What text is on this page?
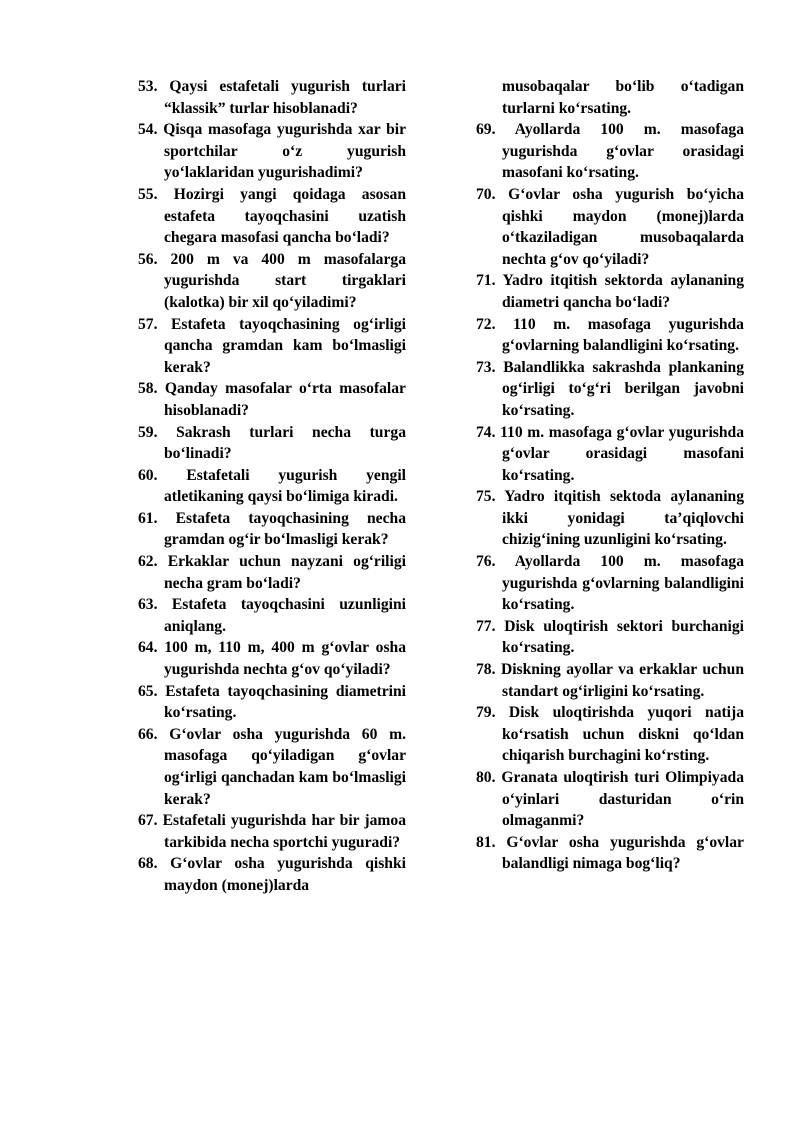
53. Qaysi estafetali yugurish turlari “klassik” turlar hisoblanadi?

54. Qisqa masofaga yugurishda xar bir sportchilar o‘z yugurish yo‘laklaridan yugurishadimi?

55. Hozirgi yangi qoidaga asosan estafeta tayoqchasini uzatish chegara masofasi qancha bo‘ladi?

56. 200 m va 400 m masofalarga yugurishda start tirgaklari (kalotka) bir xil qo‘yiladimi?

57. Estafeta tayoqchasining og‘irligi qancha gramdan kam bo‘lmasligi kerak?

58. Qanday masofalar o‘rta masofalar hisoblanadi?

59. Sakrash turlari necha turga bo‘linadi?

60. Estafetali yugurish yengil atletikaning qaysi bo‘limiga kiradi.

61. Estafeta tayoqchasining necha gramdan og‘ir bo‘lmasligi kerak?

62. Erkaklar uchun nayzani og‘riligi necha gram bo‘ladi?

63. Estafeta tayoqchasini uzunligini aniqlang.

64. 100 m, 110 m, 400 m g‘ovlar osha yugurishda nechta g‘ov qo‘yiladi?

65. Estafeta tayoqchasining diametrini ko‘rsating.

66. G‘ovlar osha yugurishda 60 m. masofaga qo‘yiladigan g‘ovlar og‘irligi qanchadan kam bo‘lmasligi kerak?

67. Estafetali yugurishda har bir jamoa tarkibida necha sportchi yuguradi?

68. G‘ovlar osha yugurishda qishki maydon (monej)larda

musobaqalar bo‘lib o‘tadigan turlarni ko‘rsating.

69. Ayollarda 100 m. masofaga yugurishda g‘ovlar orasidagi masofani ko‘rsating.

70. G‘ovlar osha yugurish bo‘yicha qishki maydon (monej)larda o‘tkaziladigan musobaqalarda nechta g‘ov qo‘yiladi?

71. Yadro itqitish sektorda aylananing diametri qancha bo‘ladi?

72. 110 m. masofaga yugurishda g‘ovlarning balandligini ko‘rsating.

73. Balandlikka sakrashda plankaning og‘irligi to‘g‘ri berilgan javobni ko‘rsating.

74. 110 m. masofaga g‘ovlar yugurishda g‘ovlar orasidagi masofani ko‘rsating.

75. Yadro itqitish sektoda aylananing ikki yonidagi ta’qiqlovchi chizig‘ining uzunligini ko‘rsating.

76. Ayollarda 100 m. masofaga yugurishda g‘ovlarning balandligini ko‘rsating.

77. Disk uloqtirish sektori burchanigi ko‘rsating.

78. Diskning ayollar va erkaklar uchun standart og‘irligini ko‘rsating.

79. Disk uloqtirishda yuqori natija ko‘rsatish uchun diskni qo‘ldan chiqarish burchagini ko‘rsting.

80. Granata uloqtirish turi Olimpiyada o‘yinlari dasturidan o‘rin olmaganmi?

81. G‘ovlar osha yugurishda g‘ovlar balandligi nimaga bog‘liq?
